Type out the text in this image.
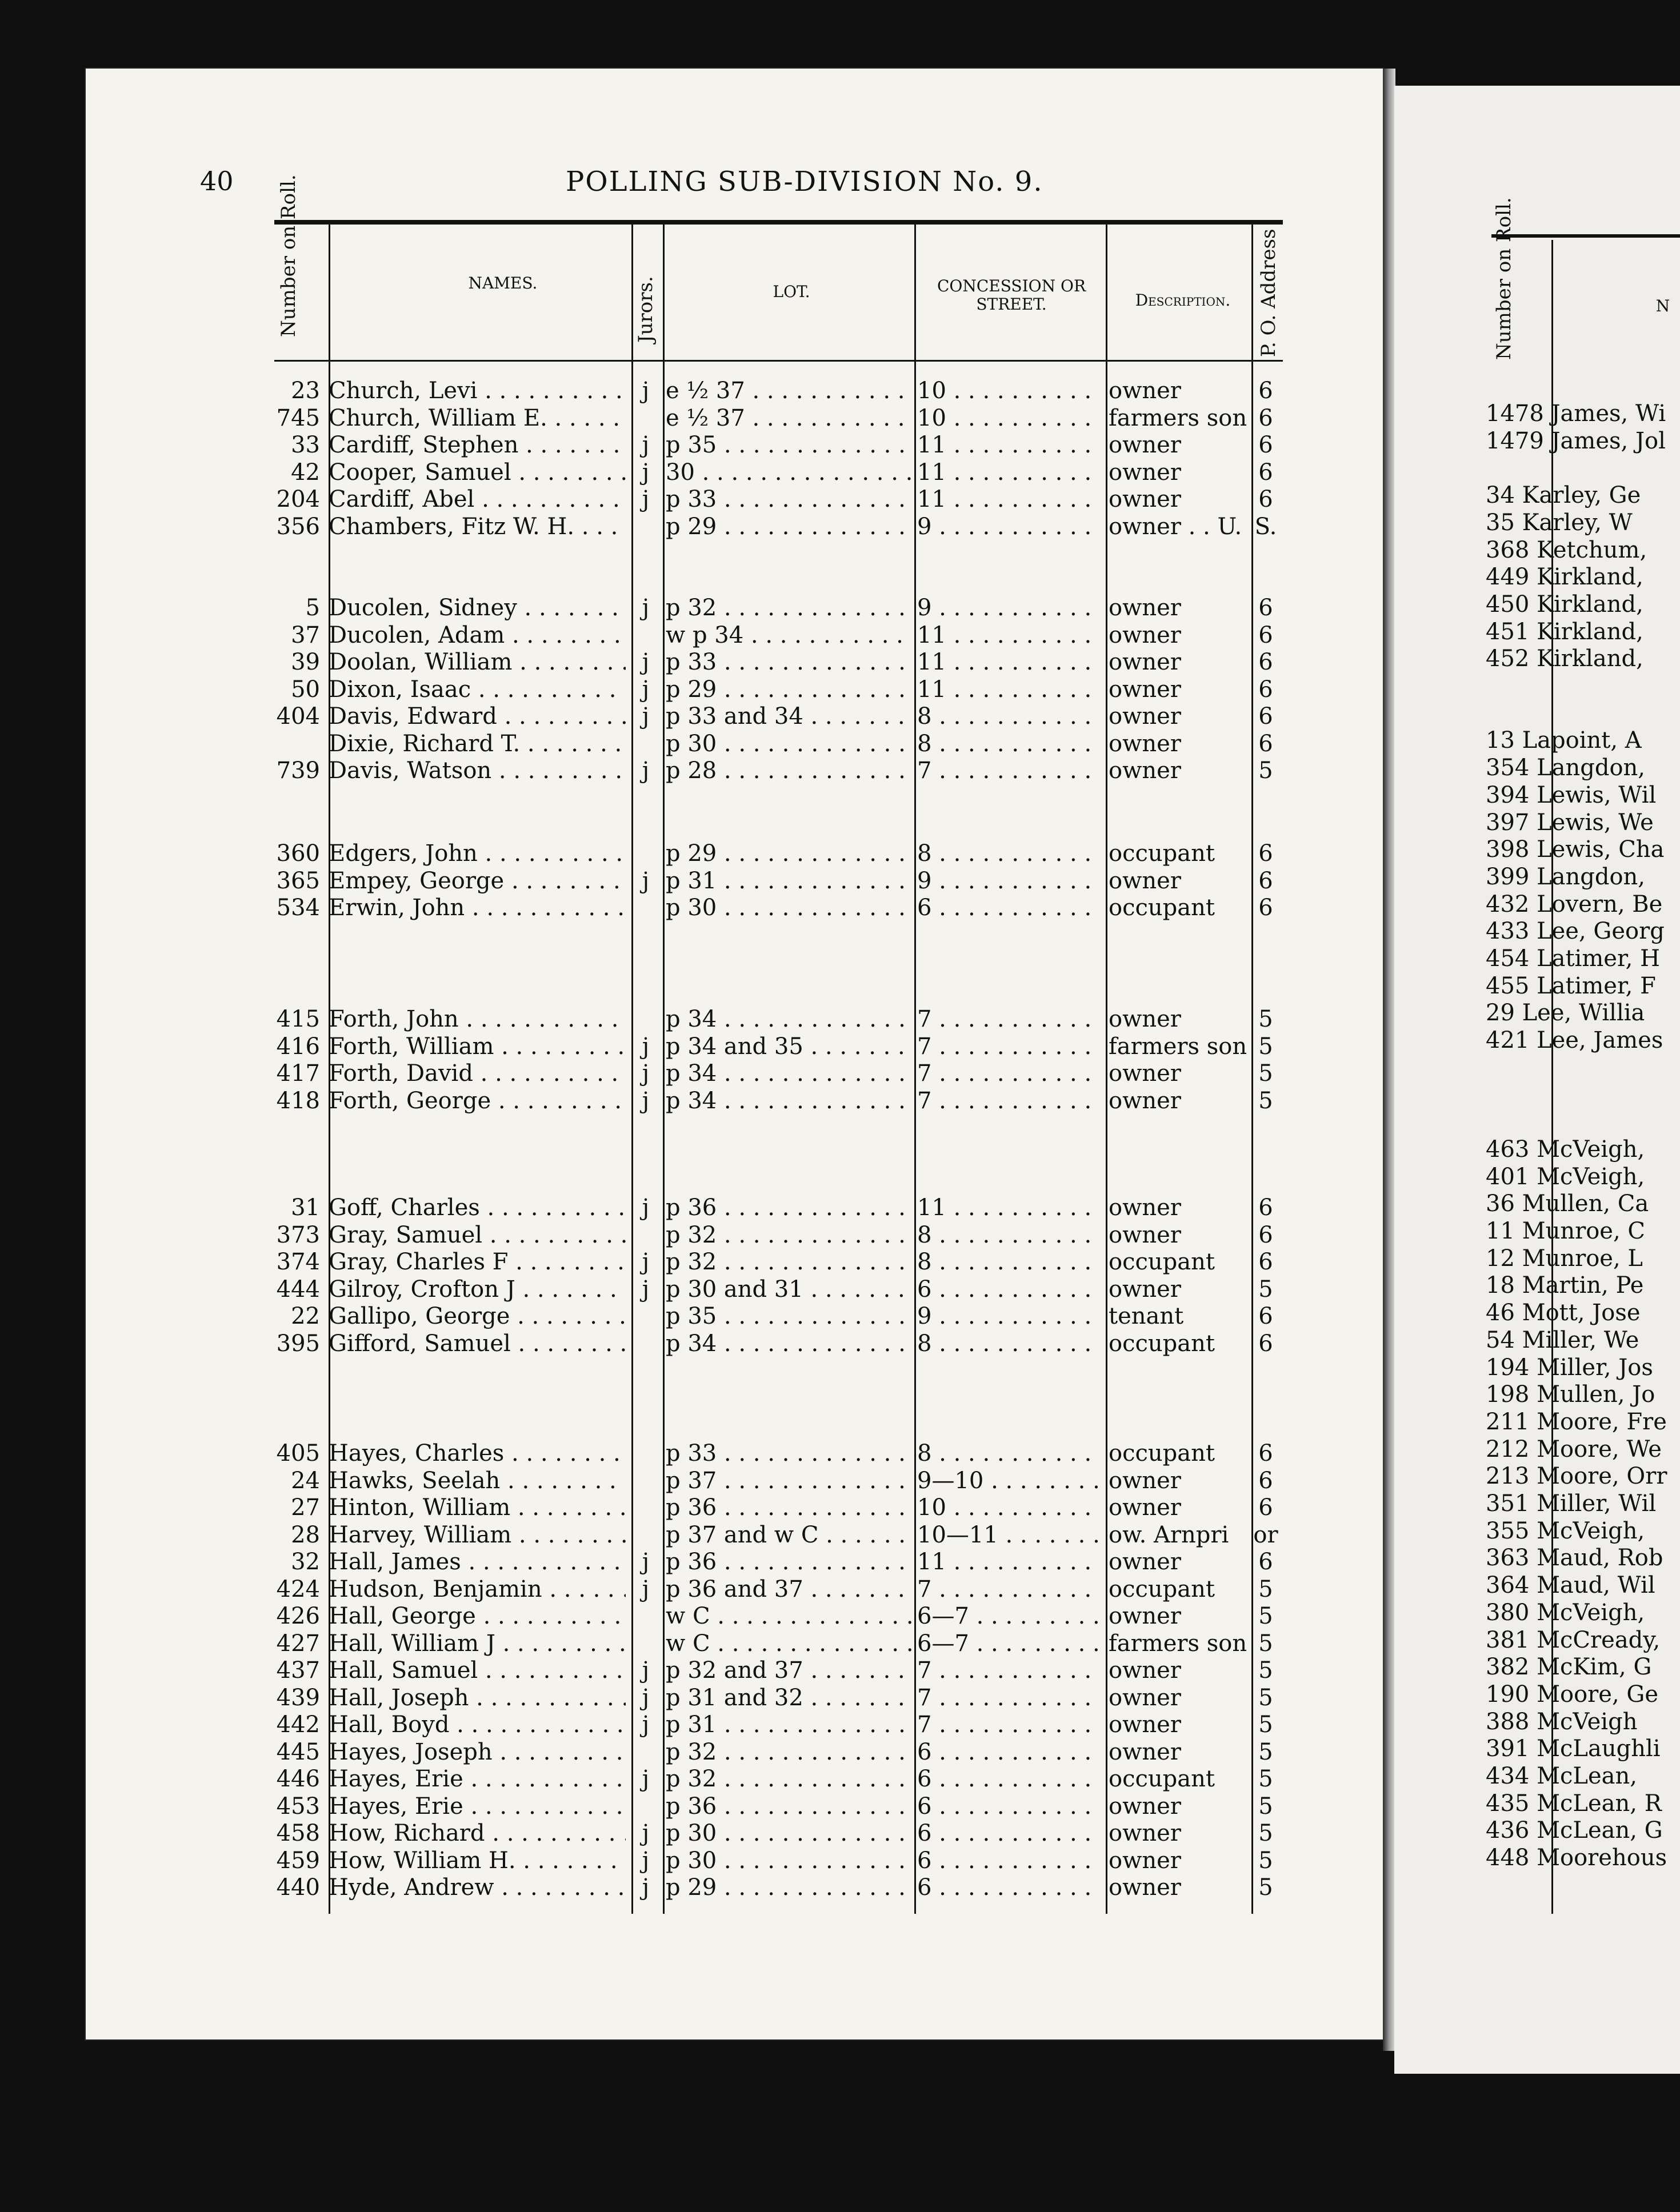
40	POLLING SUB-DIVISION No. 9.
Number on Roll.	NAMES.	Jurors.	LOT.	CONCESSION OR STREET.	Description.	P. O. Address
23 Church, Levi . . .	j e ½ 37 . . .	10 . . .	owner	6
745 Church, William E. . . .	e ½ 37 . . .	10 . . .	farmers son 6
33 Cardiff, Stephen . . .	j p 35 . . .	11 . . .	owner	6
42 Cooper, Samuel . . .	j 30 . . .	11 . . .	owner	6
204 Cardiff, Abel . . .	j p 33 . . .	11 . . .	owner	6
356 Chambers, Fitz W. H. . . .	p 29 . . .	9 . . .	owner . . U. S.
5 Ducolen, Sidney . . .	j p 32 . . .	9 . . .	owner	6
37 Ducolen, Adam . . .	w p 34 . . .	11 . . .	owner	6
39 Doolan, William . . .	j p 33 . . .	11 . . .	owner	6
50 Dixon, Isaac . . .	j p 29 . . .	11 . . .	owner	6
404 Davis, Edward . . .	j p 33 and 34 . . .	8 . . .	owner	6
Dixie, Richard T. . . .	p 30 . . .	8 . . .	owner	6
739 Davis, Watson . . .	j p 28 . . .	7 . . .	owner	5
360 Edgers, John . . .	p 29 . . .	8 . . .	occupant	6
365 Empey, George . . .	j p 31 . . .	9 . . .	owner	6
534 Erwin, John . . .	p 30 . . .	6 . . .	occupant	6
415 Forth, John . . .	p 34 . . .	7 . . .	owner	5
416 Forth, William . . .	j p 34 and 35 . . .	7 . . .	farmers son 5
417 Forth, David . . .	j p 34 . . .	7 . . .	owner	5
418 Forth, George . . .	j p 34 . . .	7 . . .	owner	5
31 Goff, Charles . . .	j p 36 . . .	11 . . .	owner	6
373 Gray, Samuel . . .	p 32 . . .	8 . . .	owner	6
374 Gray, Charles F . . .	j p 32 . . .	8 . . .	occupant	6
444 Gilroy, Crofton J . . .	j p 30 and 31 . . .	6 . . .	owner	5
22 Gallipo, George . . .	p 35 . . .	9 . . .	tenant	6
395 Gifford, Samuel . . .	p 34 . . .	8 . . .	occupant	6
405 Hayes, Charles . . .	p 33 . . .	8 . . .	occupant	6
24 Hawks, Seelah . . .	p 37 . . .	9—10 . . .	owner	6
27 Hinton, William . . .	p 36 . . .	10 . . .	owner	6
28 Harvey, William . . .	p 37 and w C . . .	10—11 . . .	ow. Arnpri	or
32 Hall, James . . .	j p 36 . . .	11 . . .	owner	6
424 Hudson, Benjamin . . .	j p 36 and 37 . . .	7 . . .	occupant	5
426 Hall, George . . .	w C . . .	6—7 . . .	owner	5
427 Hall, William J . . .	w C . . .	6—7 . . .	farmers son 5
437 Hall, Samuel . . .	j p 32 and 37 . . .	7 . . .	owner	5
439 Hall, Joseph . . .	j p 31 and 32 . . .	7 . . .	owner	5
442 Hall, Boyd . . .	j p 31 . . .	7 . . .	owner	5
445 Hayes, Joseph . . .	p 32 . . .	6 . . .	owner	5
446 Hayes, Erie . . .	j p 32 . . .	6 . . .	occupant	5
453 Hayes, Erie . . .	p 36 . . .	6 . . .	owner	5
458 How, Richard . . .	j p 30 . . .	6 . . .	owner	5
459 How, William H. . . .	j p 30 . . .	6 . . .	owner	5
440 Hyde, Andrew . . .	j p 29 . . .	6 . . .	owner	5
Number on Roll.	N
1478 James, Wi
1479 James, Jol
34 Karley, Ge
35 Karley, W
368 Ketchum,
449 Kirkland,
450 Kirkland,
451 Kirkland,
452 Kirkland,
13 Lapoint, A
354 Langdon,
394 Lewis, Wil
397 Lewis, We
398 Lewis, Cha
399 Langdon,
432 Lovern, Be
433 Lee, Georg
454 Latimer, H
455 Latimer, F
29 Lee, Willia
421 Lee, James
463 McVeigh,
401 McVeigh,
36 Mullen, Ca
11 Munroe, C
12 Munroe, L
18 Martin, Pe
46 Mott, Jose
54 Miller, We
194 Miller, Jos
198 Mullen, Jo
211 Moore, Fre
212 Moore, We
213 Moore, Orr
351 Miller, Wil
355 McVeigh,
363 Maud, Rob
364 Maud, Wil
380 McVeigh,
381 McCready,
382 McKim, G
190 Moore, Ge
388 McVeigh
391 McLaughli
434 McLean,
435 McLean, R
436 McLean, G
448 Moorehous
